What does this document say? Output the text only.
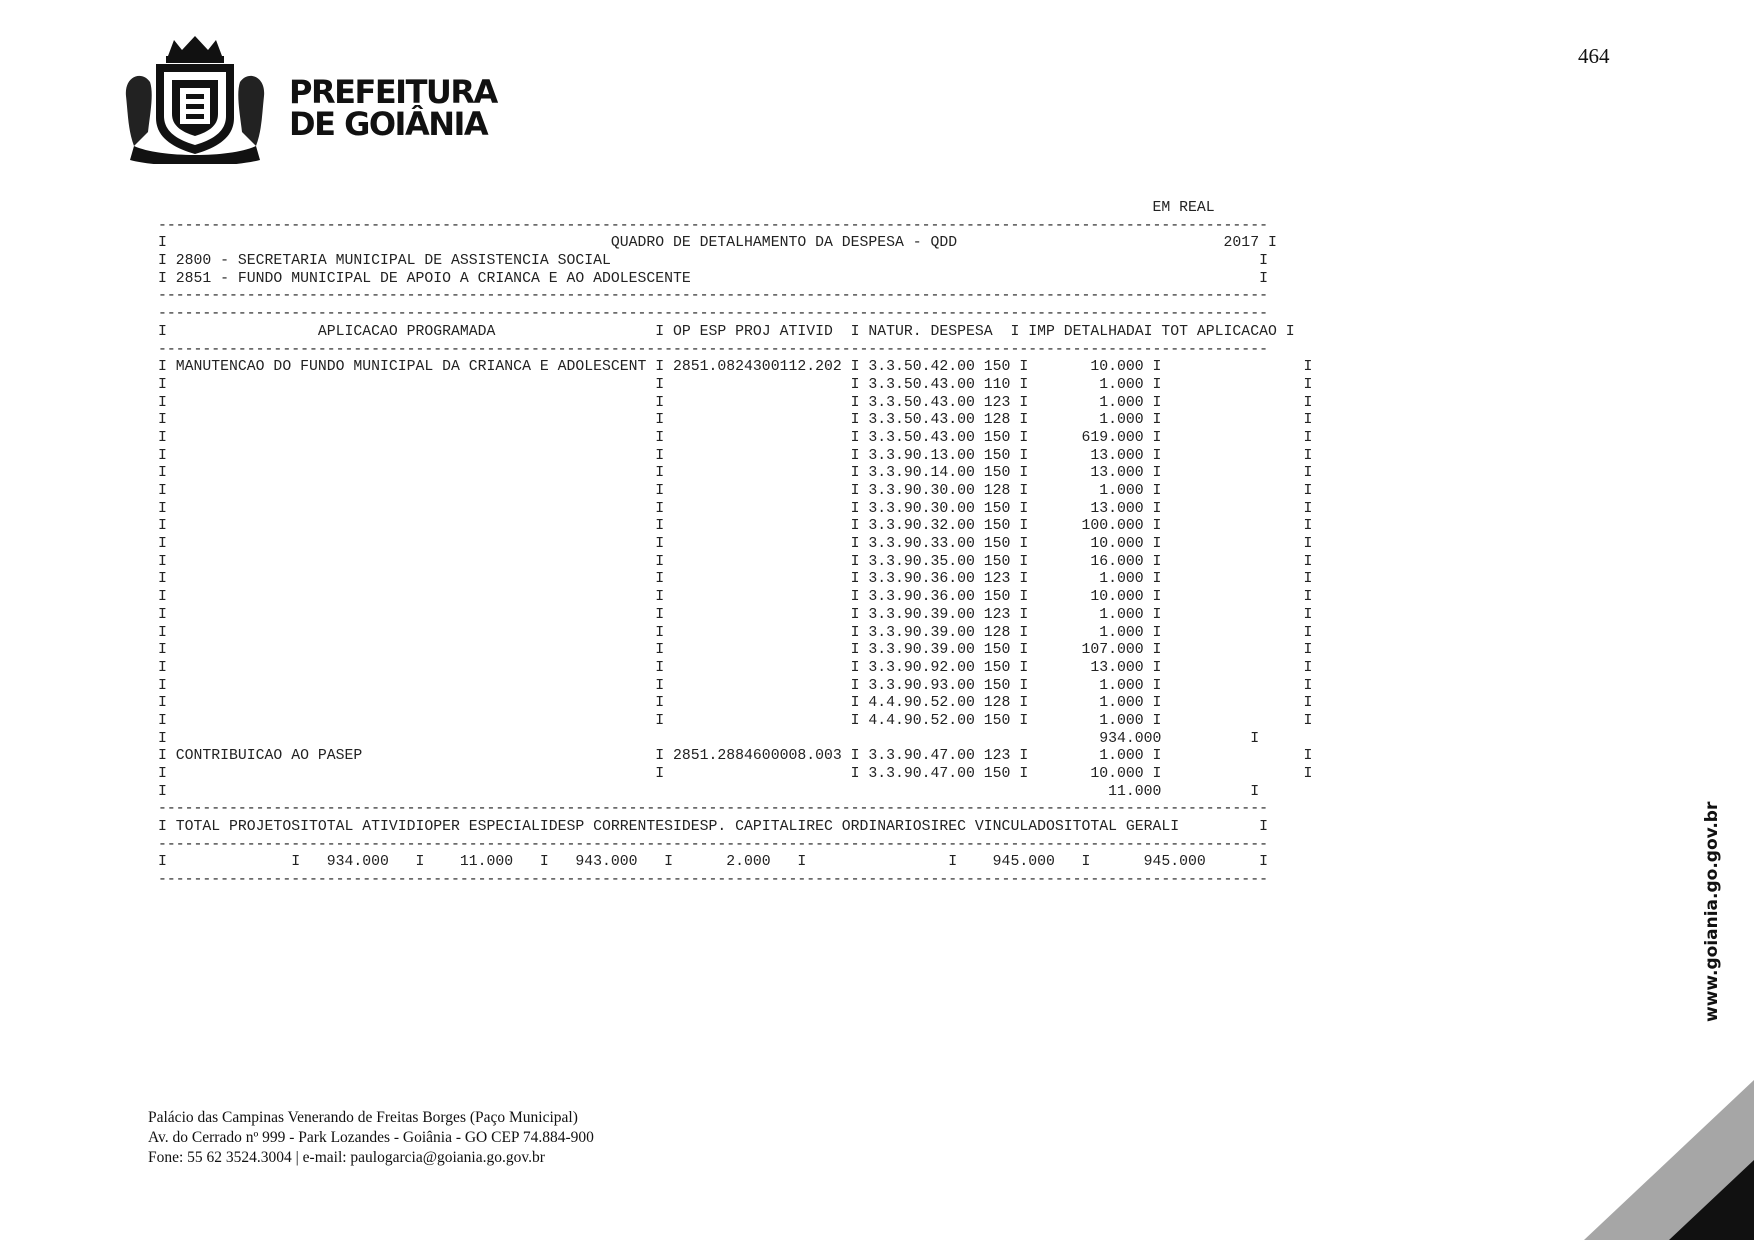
464
PREFEITURA
DE GOIÂNIA
EM REAL
-----------------------------------------------------------------------------------------------------------------------------
I                                                  QUADRO DE DETALHAMENTO DA DESPESA - QDD                              2017 I
I 2800 - SECRETARIA MUNICIPAL DE ASSISTENCIA SOCIAL                                                                         I
I 2851 - FUNDO MUNICIPAL DE APOIO A CRIANCA E AO ADOLESCENTE                                                                I
-----------------------------------------------------------------------------------------------------------------------------
-----------------------------------------------------------------------------------------------------------------------------
I                 APLICACAO PROGRAMADA                  I OP ESP PROJ ATIVID  I NATUR. DESPESA  I IMP DETALHADAI TOT APLICACAO I
-----------------------------------------------------------------------------------------------------------------------------
I MANUTENCAO DO FUNDO MUNICIPAL DA CRIANCA E ADOLESCENT I 2851.0824300112.202 I 3.3.50.42.00 150 I       10.000 I                I
I                                                       I                     I 3.3.50.43.00 110 I        1.000 I                I
I                                                       I                     I 3.3.50.43.00 123 I        1.000 I                I
I                                                       I                     I 3.3.50.43.00 128 I        1.000 I                I
I                                                       I                     I 3.3.50.43.00 150 I      619.000 I                I
I                                                       I                     I 3.3.90.13.00 150 I       13.000 I                I
I                                                       I                     I 3.3.90.14.00 150 I       13.000 I                I
I                                                       I                     I 3.3.90.30.00 128 I        1.000 I                I
I                                                       I                     I 3.3.90.30.00 150 I       13.000 I                I
I                                                       I                     I 3.3.90.32.00 150 I      100.000 I                I
I                                                       I                     I 3.3.90.33.00 150 I       10.000 I                I
I                                                       I                     I 3.3.90.35.00 150 I       16.000 I                I
I                                                       I                     I 3.3.90.36.00 123 I        1.000 I                I
I                                                       I                     I 3.3.90.36.00 150 I       10.000 I                I
I                                                       I                     I 3.3.90.39.00 123 I        1.000 I                I
I                                                       I                     I 3.3.90.39.00 128 I        1.000 I                I
I                                                       I                     I 3.3.90.39.00 150 I      107.000 I                I
I                                                       I                     I 3.3.90.92.00 150 I       13.000 I                I
I                                                       I                     I 3.3.90.93.00 150 I        1.000 I                I
I                                                       I                     I 4.4.90.52.00 128 I        1.000 I                I
I                                                       I                     I 4.4.90.52.00 150 I        1.000 I                I
I                                                                                                         934.000          I
I CONTRIBUICAO AO PASEP                                 I 2851.2884600008.003 I 3.3.90.47.00 123 I        1.000 I                I
I                                                       I                     I 3.3.90.47.00 150 I       10.000 I                I
I                                                                                                          11.000          I
-----------------------------------------------------------------------------------------------------------------------------
I TOTAL PROJETOSITOTAL ATIVIDIOPER ESPECIALIDESP CORRENTESIDESP. CAPITALIREC ORDINARIOSIREC VINCULADOSITOTAL GERALI         I
-----------------------------------------------------------------------------------------------------------------------------
I              I   934.000   I    11.000   I   943.000   I      2.000   I                I    945.000   I      945.000      I
-----------------------------------------------------------------------------------------------------------------------------
Palácio das Campinas Venerando de Freitas Borges (Paço Municipal)
Av. do Cerrado nº 999 - Park Lozandes - Goiânia - GO CEP 74.884-900
Fone: 55 62 3524.3004 | e-mail: paulogarcia@goiania.go.gov.br
www.goiania.go.gov.br
